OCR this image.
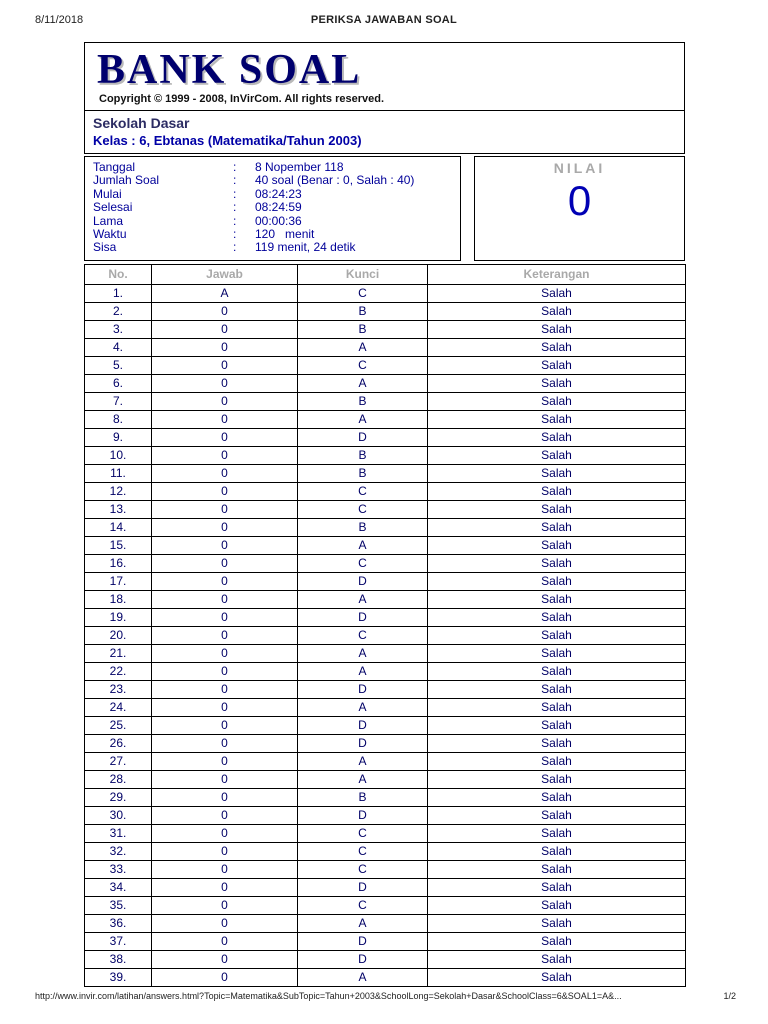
8/11/2018	PERIKSA JAWABAN SOAL
BANK SOAL
Copyright © 1999 - 2008, InVirCom. All rights reserved.
Sekolah Dasar
Kelas : 6, Ebtanas (Matematika/Tahun 2003)
Tanggal	:	8 Nopember 118
Jumlah Soal	:	40 soal (Benar : 0, Salah : 40)
Mulai	:	08:24:23
Selesai	:	08:24:59
Lama	:	00:00:36
Waktu	:	120   menit
Sisa	:	119 menit, 24 detik
NILAI
0
No.	Jawab	Kunci	Keterangan
1.	A	C	Salah
2.	0	B	Salah
3.	0	B	Salah
4.	0	A	Salah
5.	0	C	Salah
6.	0	A	Salah
7.	0	B	Salah
8.	0	A	Salah
9.	0	D	Salah
10.	0	B	Salah
11.	0	B	Salah
12.	0	C	Salah
13.	0	C	Salah
14.	0	B	Salah
15.	0	A	Salah
16.	0	C	Salah
17.	0	D	Salah
18.	0	A	Salah
19.	0	D	Salah
20.	0	C	Salah
21.	0	A	Salah
22.	0	A	Salah
23.	0	D	Salah
24.	0	A	Salah
25.	0	D	Salah
26.	0	D	Salah
27.	0	A	Salah
28.	0	A	Salah
29.	0	B	Salah
30.	0	D	Salah
31.	0	C	Salah
32.	0	C	Salah
33.	0	C	Salah
34.	0	D	Salah
35.	0	C	Salah
36.	0	A	Salah
37.	0	D	Salah
38.	0	D	Salah
39.	0	A	Salah
http://www.invir.com/latihan/answers.html?Topic=Matematika&SubTopic=Tahun+2003&SchoolLong=Sekolah+Dasar&SchoolClass=6&SOAL1=A&...	1/2
